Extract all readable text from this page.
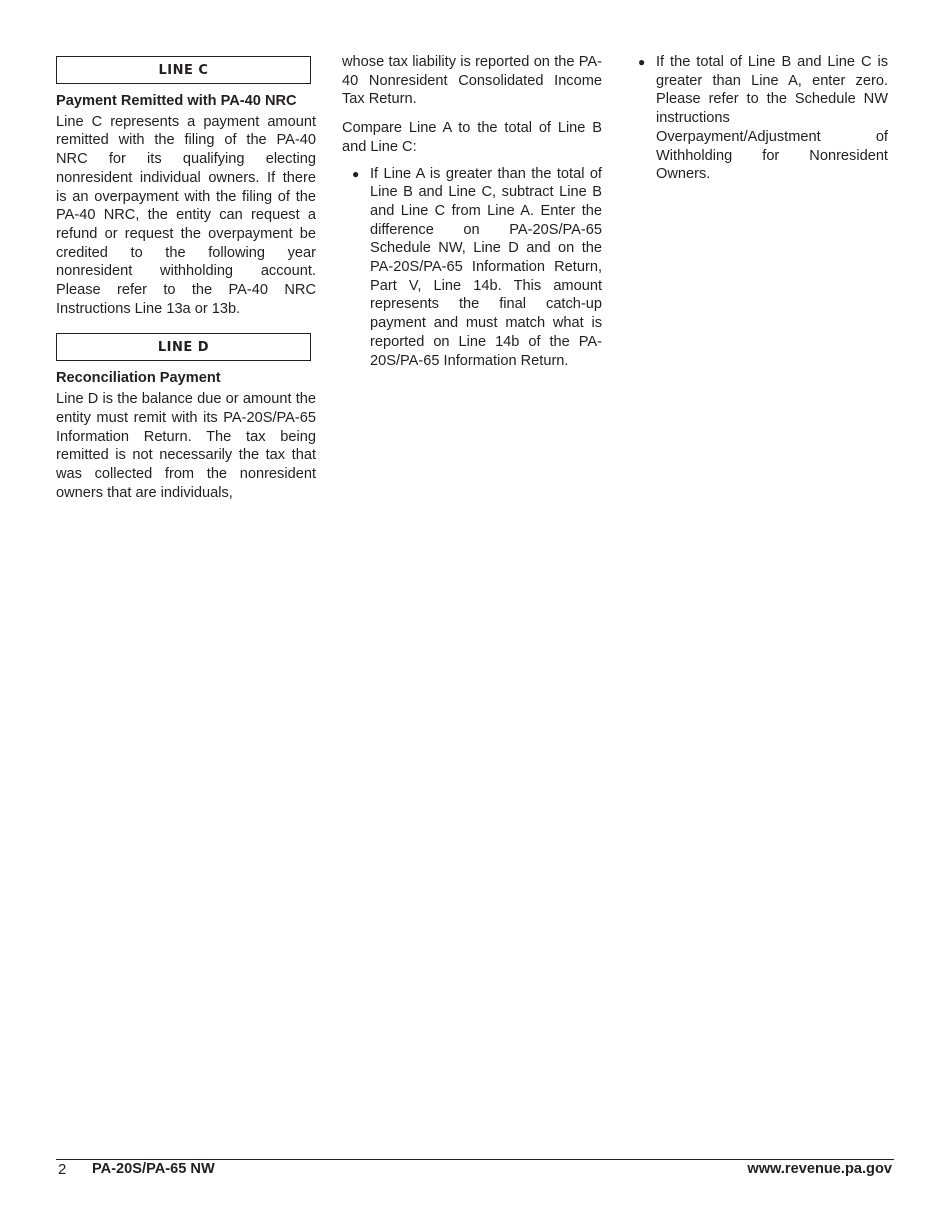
LINE C
Payment Remitted with PA-40 NRC

Line C represents a payment amount remitted with the filing of the PA-40 NRC for its qualifying electing nonresident individual owners. If there is an overpayment with the filing of the PA-40 NRC, the entity can request a refund or request the overpayment be credited to the following year nonresident withholding account. Please refer to the PA-40 NRC Instructions Line 13a or 13b.

LINE D
Reconciliation Payment

Line D is the balance due or amount the entity must remit with its PA-20S/PA-65 Information Return. The tax being remitted is not necessarily the tax that was collected from the nonresident owners that are individuals,

whose tax liability is reported on the PA-40 Nonresident Consolidated Income Tax Return.

Compare Line A to the total of Line B and Line C:

● If Line A is greater than the total of Line B and Line C, subtract Line B and Line C from Line A. Enter the difference on PA-20S/PA-65 Schedule NW, Line D and on the PA-20S/PA-65 Information Return, Part V, Line 14b. This amount represents the final catch-up payment and must match what is reported on Line 14b of the PA-20S/PA-65 Information Return.

● If the total of Line B and Line C is greater than Line A, enter zero. Please refer to the Schedule NW instructions Overpayment/Adjustment of Withholding for Nonresident Owners.

2 PA-20S/PA-65 NW	www.revenue.pa.gov
